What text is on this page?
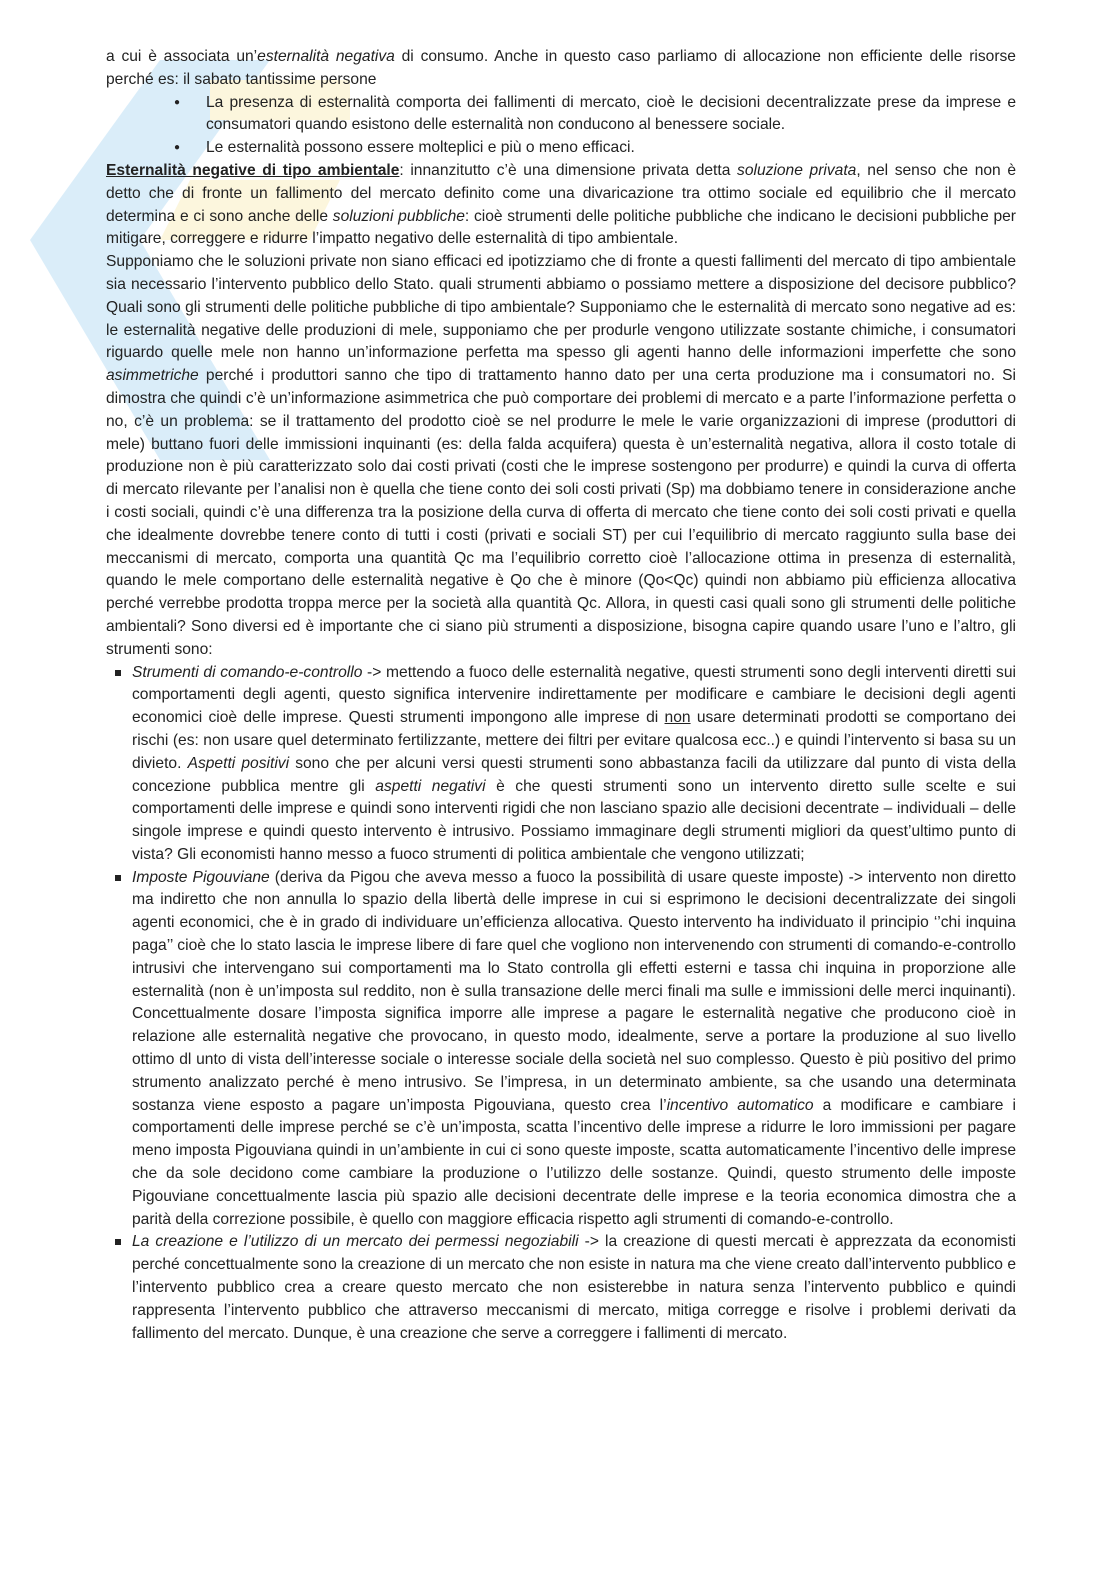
a cui è associata un’esternalità negativa di consumo. Anche in questo caso parliamo di allocazione non efficiente delle risorse perché es: il sabato tantissime persone

● La presenza di esternalità comporta dei fallimenti di mercato, cioè le decisioni decentralizzate prese da imprese e consumatori quando esistono delle esternalità non conducono al benessere sociale.
● Le esternalità possono essere molteplici e più o meno efficaci.

Esternalità negative di tipo ambientale: innanzitutto c’è una dimensione privata detta soluzione privata, nel senso che non è detto che di fronte un fallimento del mercato definito come una divaricazione tra ottimo sociale ed equilibrio che il mercato determina e ci sono anche delle soluzioni pubbliche: cioè strumenti delle politiche pubbliche che indicano le decisioni pubbliche per mitigare, correggere e ridurre l’impatto negativo delle esternalità di tipo ambientale.

Supponiamo che le soluzioni private non siano efficaci ed ipotizziamo che di fronte a questi fallimenti del mercato di tipo ambientale sia necessario l’intervento pubblico dello Stato. quali strumenti abbiamo o possiamo mettere a disposizione del decisore pubblico? Quali sono gli strumenti delle politiche pubbliche di tipo ambientale? Supponiamo che le esternalità di mercato sono negative ad es: le esternalità negative delle produzioni di mele, supponiamo che per produrle vengono utilizzate sostante chimiche, i consumatori riguardo quelle mele non hanno un’informazione perfetta ma spesso gli agenti hanno delle informazioni imperfette che sono asimmetriche perché i produttori sanno che tipo di trattamento hanno dato per una certa produzione ma i consumatori no. Si dimostra che quindi c’è un’informazione asimmetrica che può comportare dei problemi di mercato e a parte l’informazione perfetta o no, c’è un problema: se il trattamento del prodotto cioè se nel produrre le mele le varie organizzazioni di imprese (produttori di mele) buttano fuori delle immissioni inquinanti (es: della falda acquifera) questa è un’esternalità negativa, allora il costo totale di produzione non è più caratterizzato solo dai costi privati (costi che le imprese sostengono per produrre) e quindi la curva di offerta di mercato rilevante per l’analisi non è quella che tiene conto dei soli costi privati (Sp) ma dobbiamo tenere in considerazione anche i costi sociali, quindi c’è una differenza tra la posizione della curva di offerta di mercato che tiene conto dei soli costi privati e quella che idealmente dovrebbe tenere conto di tutti i costi (privati e sociali ST) per cui l’equilibrio di mercato raggiunto sulla base dei meccanismi di mercato, comporta una quantità Qc ma l’equilibrio corretto cioè l’allocazione ottima in presenza di esternalità, quando le mele comportano delle esternalità negative è Qo che è minore (Qo<Qc) quindi non abbiamo più efficienza allocativa perché verrebbe prodotta troppa merce per la società alla quantità Qc. Allora, in questi casi quali sono gli strumenti delle politiche ambientali? Sono diversi ed è importante che ci siano più strumenti a disposizione, bisogna capire quando usare l’uno e l’altro, gli strumenti sono:

Strumenti di comando-e-controllo -> mettendo a fuoco delle esternalità negative, questi strumenti sono degli interventi diretti sui comportamenti degli agenti, questo significa intervenire indirettamente per modificare e cambiare le decisioni degli agenti economici cioè delle imprese. Questi strumenti impongono alle imprese di non usare determinati prodotti se comportano dei rischi (es: non usare quel determinato fertilizzante, mettere dei filtri per evitare qualcosa ecc..) e quindi l’intervento si basa su un divieto. Aspetti positivi sono che per alcuni versi questi strumenti sono abbastanza facili da utilizzare dal punto di vista della concezione pubblica mentre gli aspetti negativi è che questi strumenti sono un intervento diretto sulle scelte e sui comportamenti delle imprese e quindi sono interventi rigidi che non lasciano spazio alle decisioni decentrate – individuali – delle singole imprese e quindi questo intervento è intrusivo. Possiamo immaginare degli strumenti migliori da quest’ultimo punto di vista? Gli economisti hanno messo a fuoco strumenti di politica ambientale che vengono utilizzati;
Imposte Pigouviane (deriva da Pigou che aveva messo a fuoco la possibilità di usare queste imposte) -> intervento non diretto ma indiretto che non annulla lo spazio della libertà delle imprese in cui si esprimono le decisioni decentralizzate dei singoli agenti economici, che è in grado di individuare un’efficienza allocativa. Questo intervento ha individuato il principio ‘’chi inquina paga’’ cioè che lo stato lascia le imprese libere di fare quel che vogliono non intervenendo con strumenti di comando-e-controllo intrusivi che intervengano sui comportamenti ma lo Stato controlla gli effetti esterni e tassa chi inquina in proporzione alle esternalità (non è un’imposta sul reddito, non è sulla transazione delle merci finali ma sulle e immissioni delle merci inquinanti). Concettualmente dosare l’imposta significa imporre alle imprese a pagare le esternalità negative che producono cioè in relazione alle esternalità negative che provocano, in questo modo, idealmente, serve a portare la produzione al suo livello ottimo dl unto di vista dell’interesse sociale o interesse sociale della società nel suo complesso. Questo è più positivo del primo strumento analizzato perché è meno intrusivo. Se l’impresa, in un determinato ambiente, sa che usando una determinata sostanza viene esposto a pagare un’imposta Pigouviana, questo crea l’incentivo automatico a modificare e cambiare i comportamenti delle imprese perché se c’è un’imposta, scatta l’incentivo delle imprese a ridurre le loro immissioni per pagare meno imposta Pigouviana quindi in un’ambiente in cui ci sono queste imposte, scatta automaticamente l’incentivo delle imprese che da sole decidono come cambiare la produzione o l’utilizzo delle sostanze. Quindi, questo strumento delle imposte Pigouviane concettualmente lascia più spazio alle decisioni decentrate delle imprese e la teoria economica dimostra che a parità della correzione possibile, è quello con maggiore efficacia rispetto agli strumenti di comando-e-controllo.
La creazione e l’utilizzo di un mercato dei permessi negoziabili -> la creazione di questi mercati è apprezzata da economisti perché concettualmente sono la creazione di un mercato che non esiste in natura ma che viene creato dall’intervento pubblico e l’intervento pubblico crea a creare questo mercato che non esisterebbe in natura senza l’intervento pubblico e quindi rappresenta l’intervento pubblico che attraverso meccanismi di mercato, mitiga corregge e risolve i problemi derivati da fallimento del mercato. Dunque, è una creazione che serve a correggere i fallimenti di mercato.
